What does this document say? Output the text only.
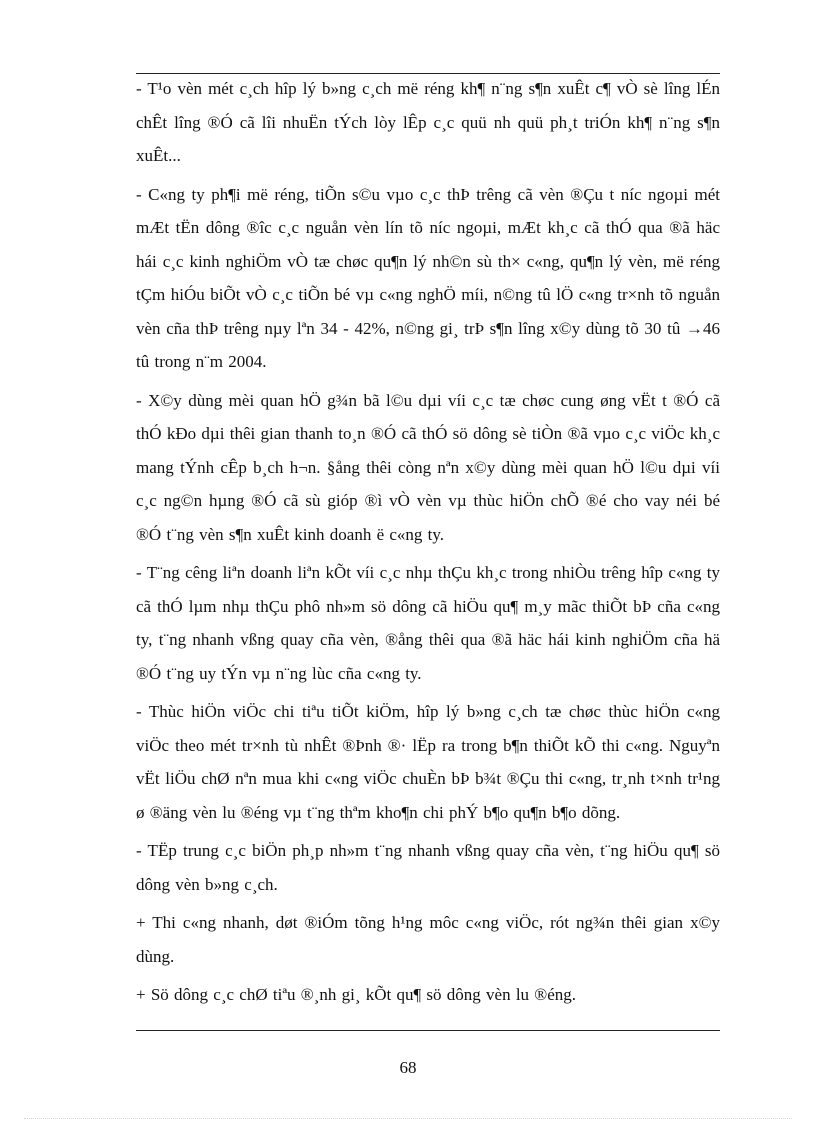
- T¹o vèn mét c¸ch hîp lý b»ng c¸ch më réng kh¶ n¨ng s¶n xuÊt c¶ vÒ sè lîng lÉn chÊt lîng ®Ó cã lîi nhuËn tÝch lòy lÊp c¸c quü nh quü ph¸t triÓn kh¶ n¨ng s¶n xuÊt...

- C«ng ty ph¶i më réng, tiÕn s©u vµo c¸c thÞ trêng cã vèn ®Çu t níc ngoµi mét mÆt tËn dông ®îc c¸c nguån vèn lín tõ níc ngoµi, mÆt kh¸c cã thÓ qua ®ã häc hái c¸c kinh nghiÖm vÒ tæ chøc qu¶n lý nh©n sù th× c«ng, qu¶n lý vèn, më réng tÇm hiÓu biÕt vÒ c¸c tiÕn bé vµ c«ng nghÖ míi, n©ng tû lÖ c«ng tr×nh tõ nguån vèn cña thÞ trêng nµy lªn 34 - 42%, n©ng gi¸ trÞ s¶n lîng x©y dùng tõ 30 tû →46 tû trong n¨m 2004.

- X©y dùng mèi quan hÖ g¾n bã l©u dµi víi c¸c tæ chøc cung øng vËt t ®Ó cã thÓ kÐo dµi thêi gian thanh to¸n ®Ó cã thÓ sö dông sè tiÒn ®ã vµo c¸c viÖc kh¸c mang tÝnh cÊp b¸ch h¬n. §ång thêi còng nªn x©y dùng mèi quan hÖ l©u dµi víi c¸c ng©n hµng ®Ó cã sù gióp ®ì vÒ vèn vµ thùc hiÖn chÕ ®é cho vay néi bé ®Ó t¨ng vèn s¶n xuÊt kinh doanh ë c«ng ty.

- T¨ng cêng liªn doanh liªn kÕt víi c¸c nhµ thÇu kh¸c trong nhiÒu trêng hîp c«ng ty cã thÓ lµm nhµ thÇu phô nh»m sö dông cã hiÖu qu¶ m¸y mãc thiÕt bÞ cña c«ng ty, t¨ng nhanh vßng quay cña vèn, ®ång thêi qua ®ã häc hái kinh nghiÖm cña hä ®Ó t¨ng uy tÝn vµ n¨ng lùc cña c«ng ty.

- Thùc hiÖn viÖc chi tiªu tiÕt kiÖm, hîp lý b»ng c¸ch tæ chøc thùc hiÖn c«ng viÖc theo mét tr×nh tù nhÊt ®Þnh ®· lËp ra trong b¶n thiÕt kÕ thi c«ng. Nguyªn vËt liÖu chØ nªn mua khi c«ng viÖc chuÈn bÞ b¾t ®Çu thi c«ng, tr¸nh t×nh tr¹ng ø ®äng vèn lu ®éng vµ t¨ng thªm kho¶n chi phÝ b¶o qu¶n b¶o dõng.

- TËp trung c¸c biÖn ph¸p nh»m t¨ng nhanh vßng quay cña vèn, t¨ng hiÖu qu¶ sö dông vèn b»ng c¸ch.

+ Thi c«ng nhanh, døt ®iÓm tõng h¹ng môc c«ng viÖc, rót ng¾n thêi gian x©y dùng.

+ Sö dông c¸c chØ tiªu ®¸nh gi¸ kÕt qu¶ sö dông vèn lu ®éng.

68
